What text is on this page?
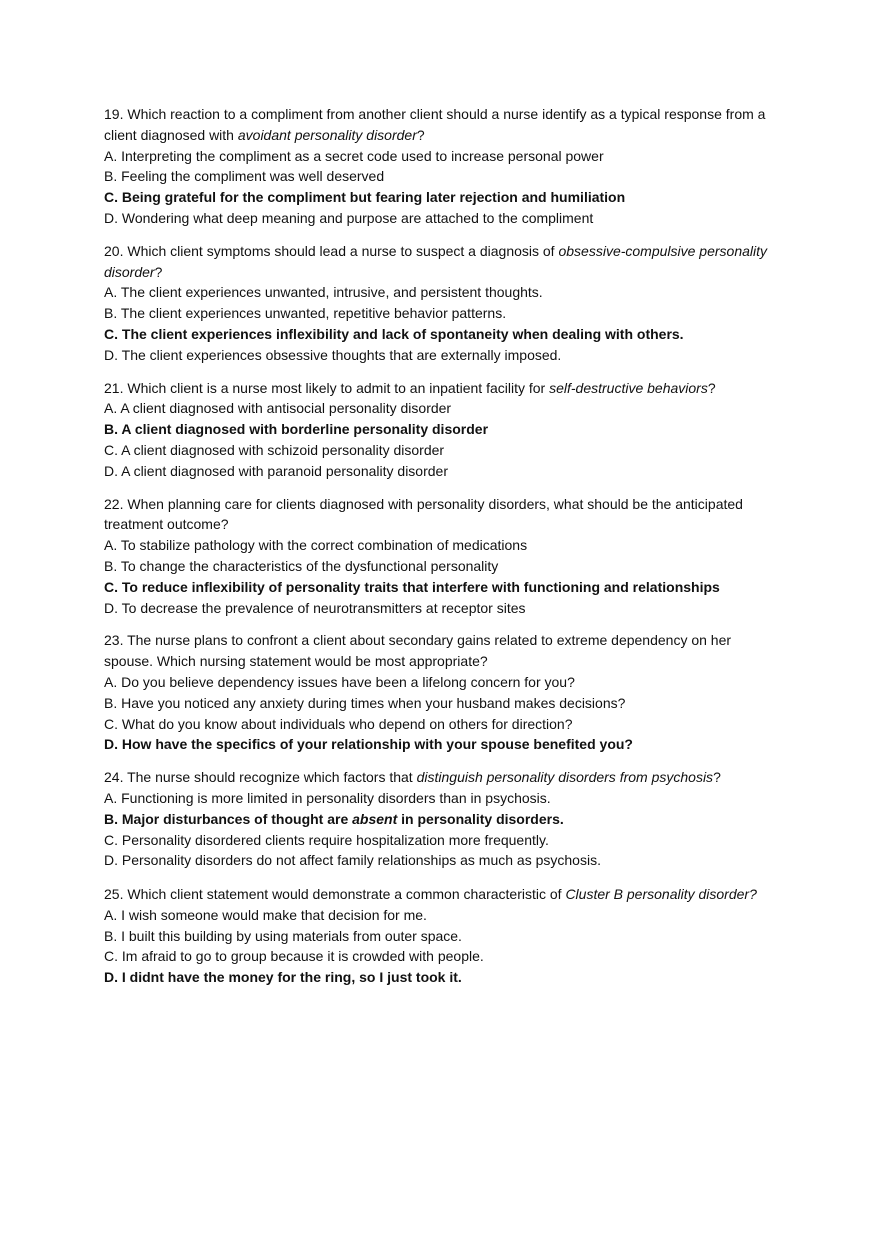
19. Which reaction to a compliment from another client should a nurse identify as a typical response from a client diagnosed with avoidant personality disorder?

A. Interpreting the compliment as a secret code used to increase personal power

B. Feeling the compliment was well deserved

C. Being grateful for the compliment but fearing later rejection and humiliation

D. Wondering what deep meaning and purpose are attached to the compliment

20. Which client symptoms should lead a nurse to suspect a diagnosis of obsessive-compulsive personality disorder?

A. The client experiences unwanted, intrusive, and persistent thoughts.

B. The client experiences unwanted, repetitive behavior patterns.

C. The client experiences inflexibility and lack of spontaneity when dealing with others.

D. The client experiences obsessive thoughts that are externally imposed.

21. Which client is a nurse most likely to admit to an inpatient facility for self-destructive behaviors?

A. A client diagnosed with antisocial personality disorder

B. A client diagnosed with borderline personality disorder

C. A client diagnosed with schizoid personality disorder

D. A client diagnosed with paranoid personality disorder

22. When planning care for clients diagnosed with personality disorders, what should be the anticipated treatment outcome?

A. To stabilize pathology with the correct combination of medications

B. To change the characteristics of the dysfunctional personality

C. To reduce inflexibility of personality traits that interfere with functioning and relationships

D. To decrease the prevalence of neurotransmitters at receptor sites

23. The nurse plans to confront a client about secondary gains related to extreme dependency on her spouse. Which nursing statement would be most appropriate?

A. Do you believe dependency issues have been a lifelong concern for you?

B. Have you noticed any anxiety during times when your husband makes decisions?

C. What do you know about individuals who depend on others for direction?

D. How have the specifics of your relationship with your spouse benefited you?

24. The nurse should recognize which factors that distinguish personality disorders from psychosis?

A. Functioning is more limited in personality disorders than in psychosis.

B. Major disturbances of thought are absent in personality disorders.

C. Personality disordered clients require hospitalization more frequently.

D. Personality disorders do not affect family relationships as much as psychosis.

25. Which client statement would demonstrate a common characteristic of Cluster B personality disorder?

A. I wish someone would make that decision for me.

B. I built this building by using materials from outer space.

C. Im afraid to go to group because it is crowded with people.

D. I didnt have the money for the ring, so I just took it.
